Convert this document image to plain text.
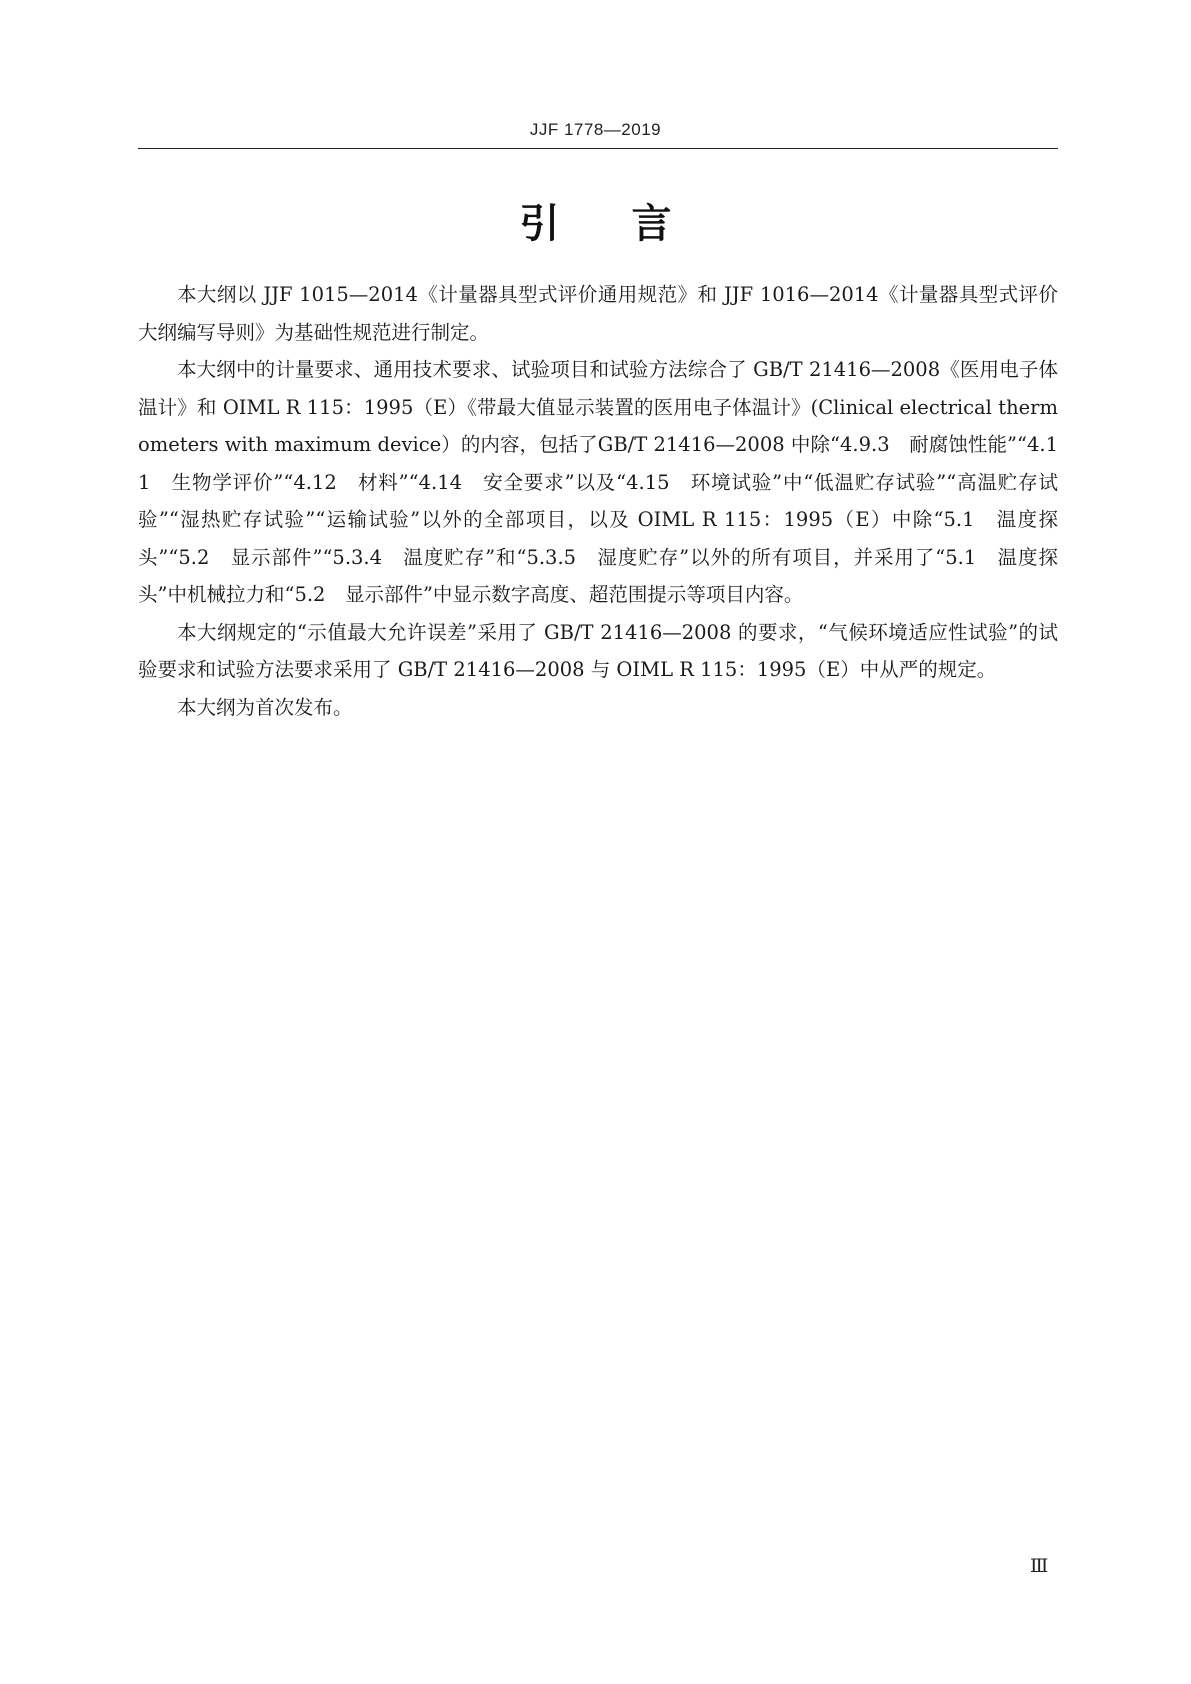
JJF 1778—2019
引 言

本大纲以 JJF 1015—2014《计量器具型式评价通用规范》和 JJF 1016—2014《计量器具型式评价大纲编写导则》为基础性规范进行制定。

本大纲中的计量要求、通用技术要求、试验项目和试验方法综合了 GB/T 21416—2008《医用电子体温计》和 OIML R 115：1995（E）《带最大值显示装置的医用电子体温计》(Clinical electrical thermometers with maximum device）的内容，包括了GB/T 21416—2008 中除“4.9.3　耐腐蚀性能”“4.11　生物学评价”“4.12　材料”“4.14　安全要求”以及“4.15　环境试验”中“低温贮存试验”“高温贮存试验”“湿热贮存试验”“运输试验”以外的全部项目，以及 OIML R 115：1995（E）中除“5.1　温度探头”“5.2　显示部件”“5.3.4　温度贮存”和“5.3.5　湿度贮存”以外的所有项目，并采用了“5.1　温度探头”中机械拉力和“5.2　显示部件”中显示数字高度、超范围提示等项目内容。

本大纲规定的“示值最大允许误差”采用了 GB/T 21416—2008 的要求，“气候环境适应性试验”的试验要求和试验方法要求采用了 GB/T 21416—2008 与 OIML R 115：1995（E）中从严的规定。

本大纲为首次发布。

Ⅲ
